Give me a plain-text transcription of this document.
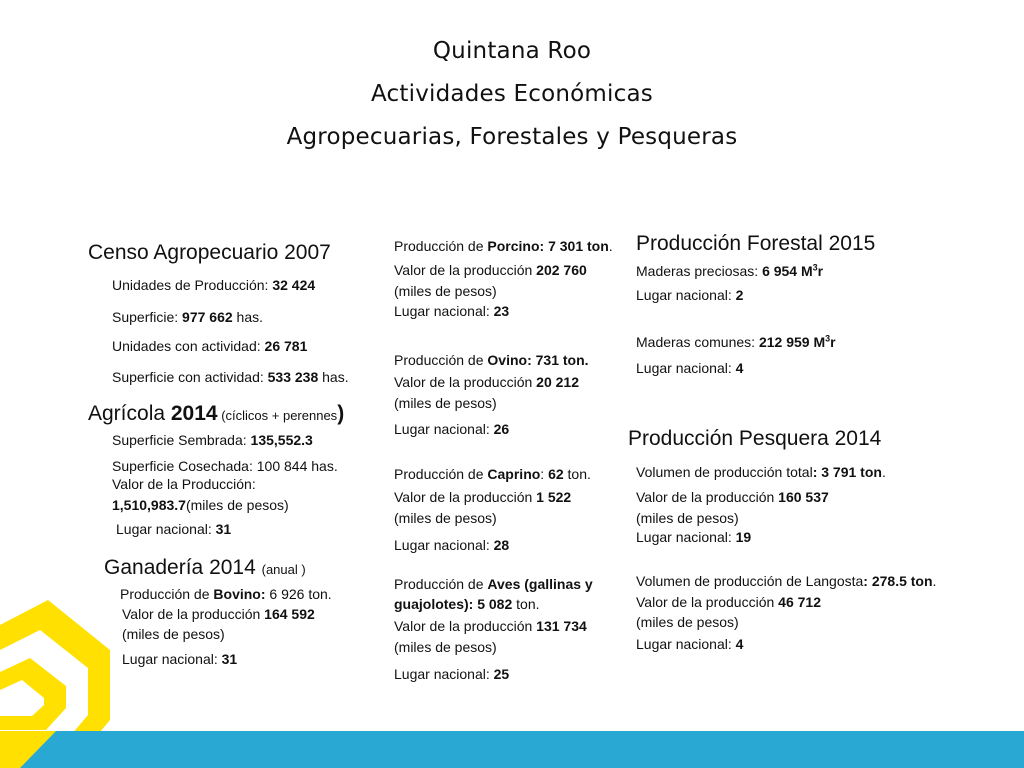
Quintana Roo
Actividades Económicas
Agropecuarias, Forestales y Pesqueras
Censo Agropecuario 2007
Unidades de Producción: 32 424
Superficie: 977 662 has.
Unidades con actividad: 26 781
Superficie con actividad: 533 238 has.
Agrícola 2014 (cíclicos + perennes)
Superficie Sembrada: 135,552.3
Superficie Cosechada: 100 844 has.
Valor de la Producción:
1,510,983.7(miles de pesos)
Lugar nacional: 31
Ganadería 2014 (anual )
Producción de Bovino: 6 926 ton.
Valor de la producción 164 592
(miles de pesos)
Lugar nacional: 31
Producción de Porcino: 7 301 ton.
Valor de la producción 202 760
(miles de pesos)
Lugar nacional: 23
Producción de Ovino: 731 ton.
Valor de la producción 20 212
(miles de pesos)
Lugar nacional: 26
Producción de Caprino: 62 ton.
Valor de la producción 1 522
(miles de pesos)
Lugar nacional: 28
Producción de Aves (gallinas y
guajolotes): 5 082 ton.
Valor de la producción 131 734
(miles de pesos)
Lugar nacional: 25
Producción Forestal 2015
Maderas preciosas: 6 954 $M^3r$
Lugar nacional: 2
Maderas comunes: 212 959 $M^3r$
Lugar nacional: 4
Producción Pesquera 2014
Volumen de producción total: 3 791 ton.
Valor de la producción 160 537
(miles de pesos)
Lugar nacional: 19
Volumen de producción de Langosta: 278.5 ton.
Valor de la producción 46 712
(miles de pesos)
Lugar nacional: 4
